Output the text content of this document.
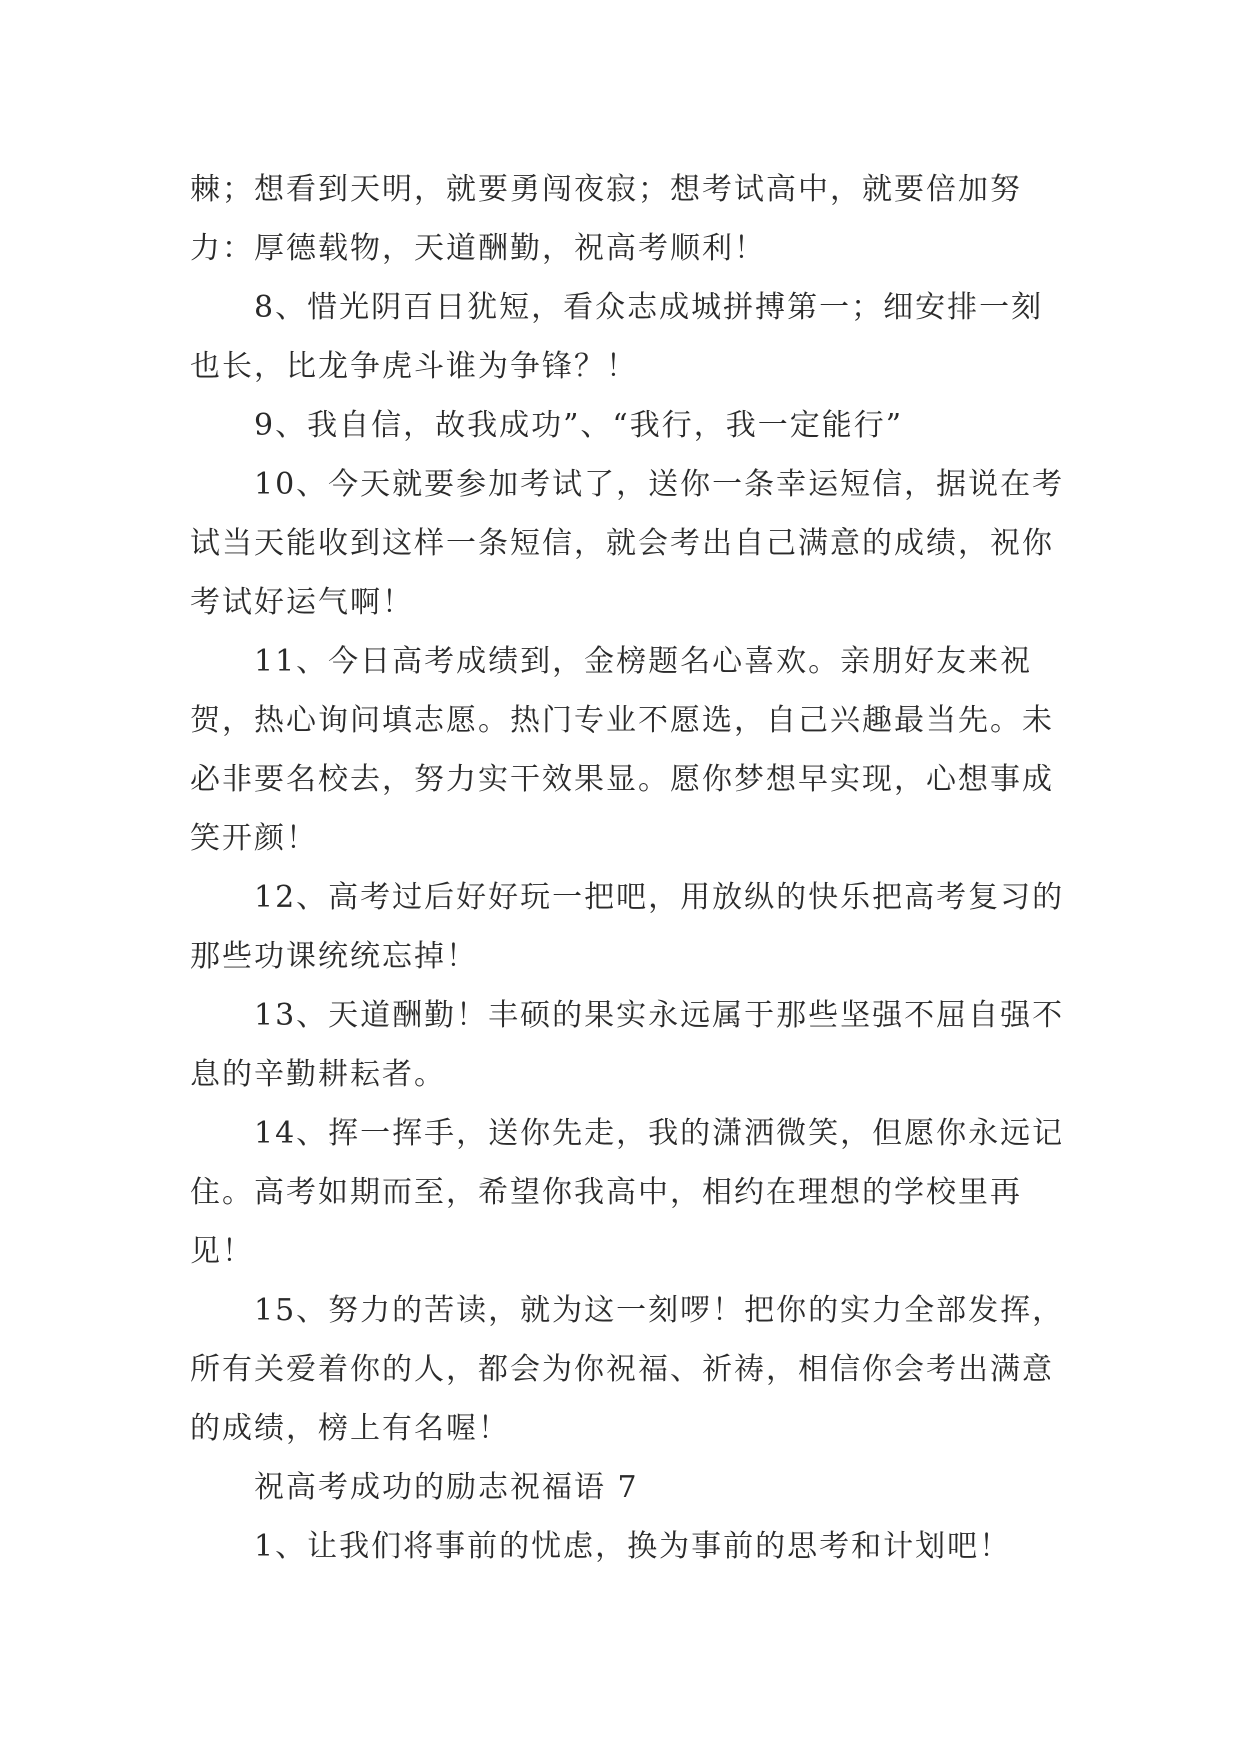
棘；想看到天明，就要勇闯夜寂；想考试高中，就要倍加努力：厚德载物，天道酬勤，祝高考顺利！

8、惜光阴百日犹短，看众志成城拼搏第一；细安排一刻也长，比龙争虎斗谁为争锋？！

9、我自信，故我成功”、“我行，我一定能行”

10、今天就要参加考试了，送你一条幸运短信，据说在考试当天能收到这样一条短信，就会考出自己满意的成绩，祝你考试好运气啊！

11、今日高考成绩到，金榜题名心喜欢。亲朋好友来祝贺，热心询问填志愿。热门专业不愿选，自己兴趣最当先。未必非要名校去，努力实干效果显。愿你梦想早实现，心想事成笑开颜！

12、高考过后好好玩一把吧，用放纵的快乐把高考复习的那些功课统统忘掉！

13、天道酬勤！丰硕的果实永远属于那些坚强不屈自强不息的辛勤耕耘者。

14、挥一挥手，送你先走，我的潇洒微笑，但愿你永远记住。高考如期而至，希望你我高中，相约在理想的学校里再见！

15、努力的苦读，就为这一刻啰！把你的实力全部发挥，所有关爱着你的人，都会为你祝福、祈祷，相信你会考出满意的成绩，榜上有名喔！

祝高考成功的励志祝福语 7

1、让我们将事前的忧虑，换为事前的思考和计划吧！
